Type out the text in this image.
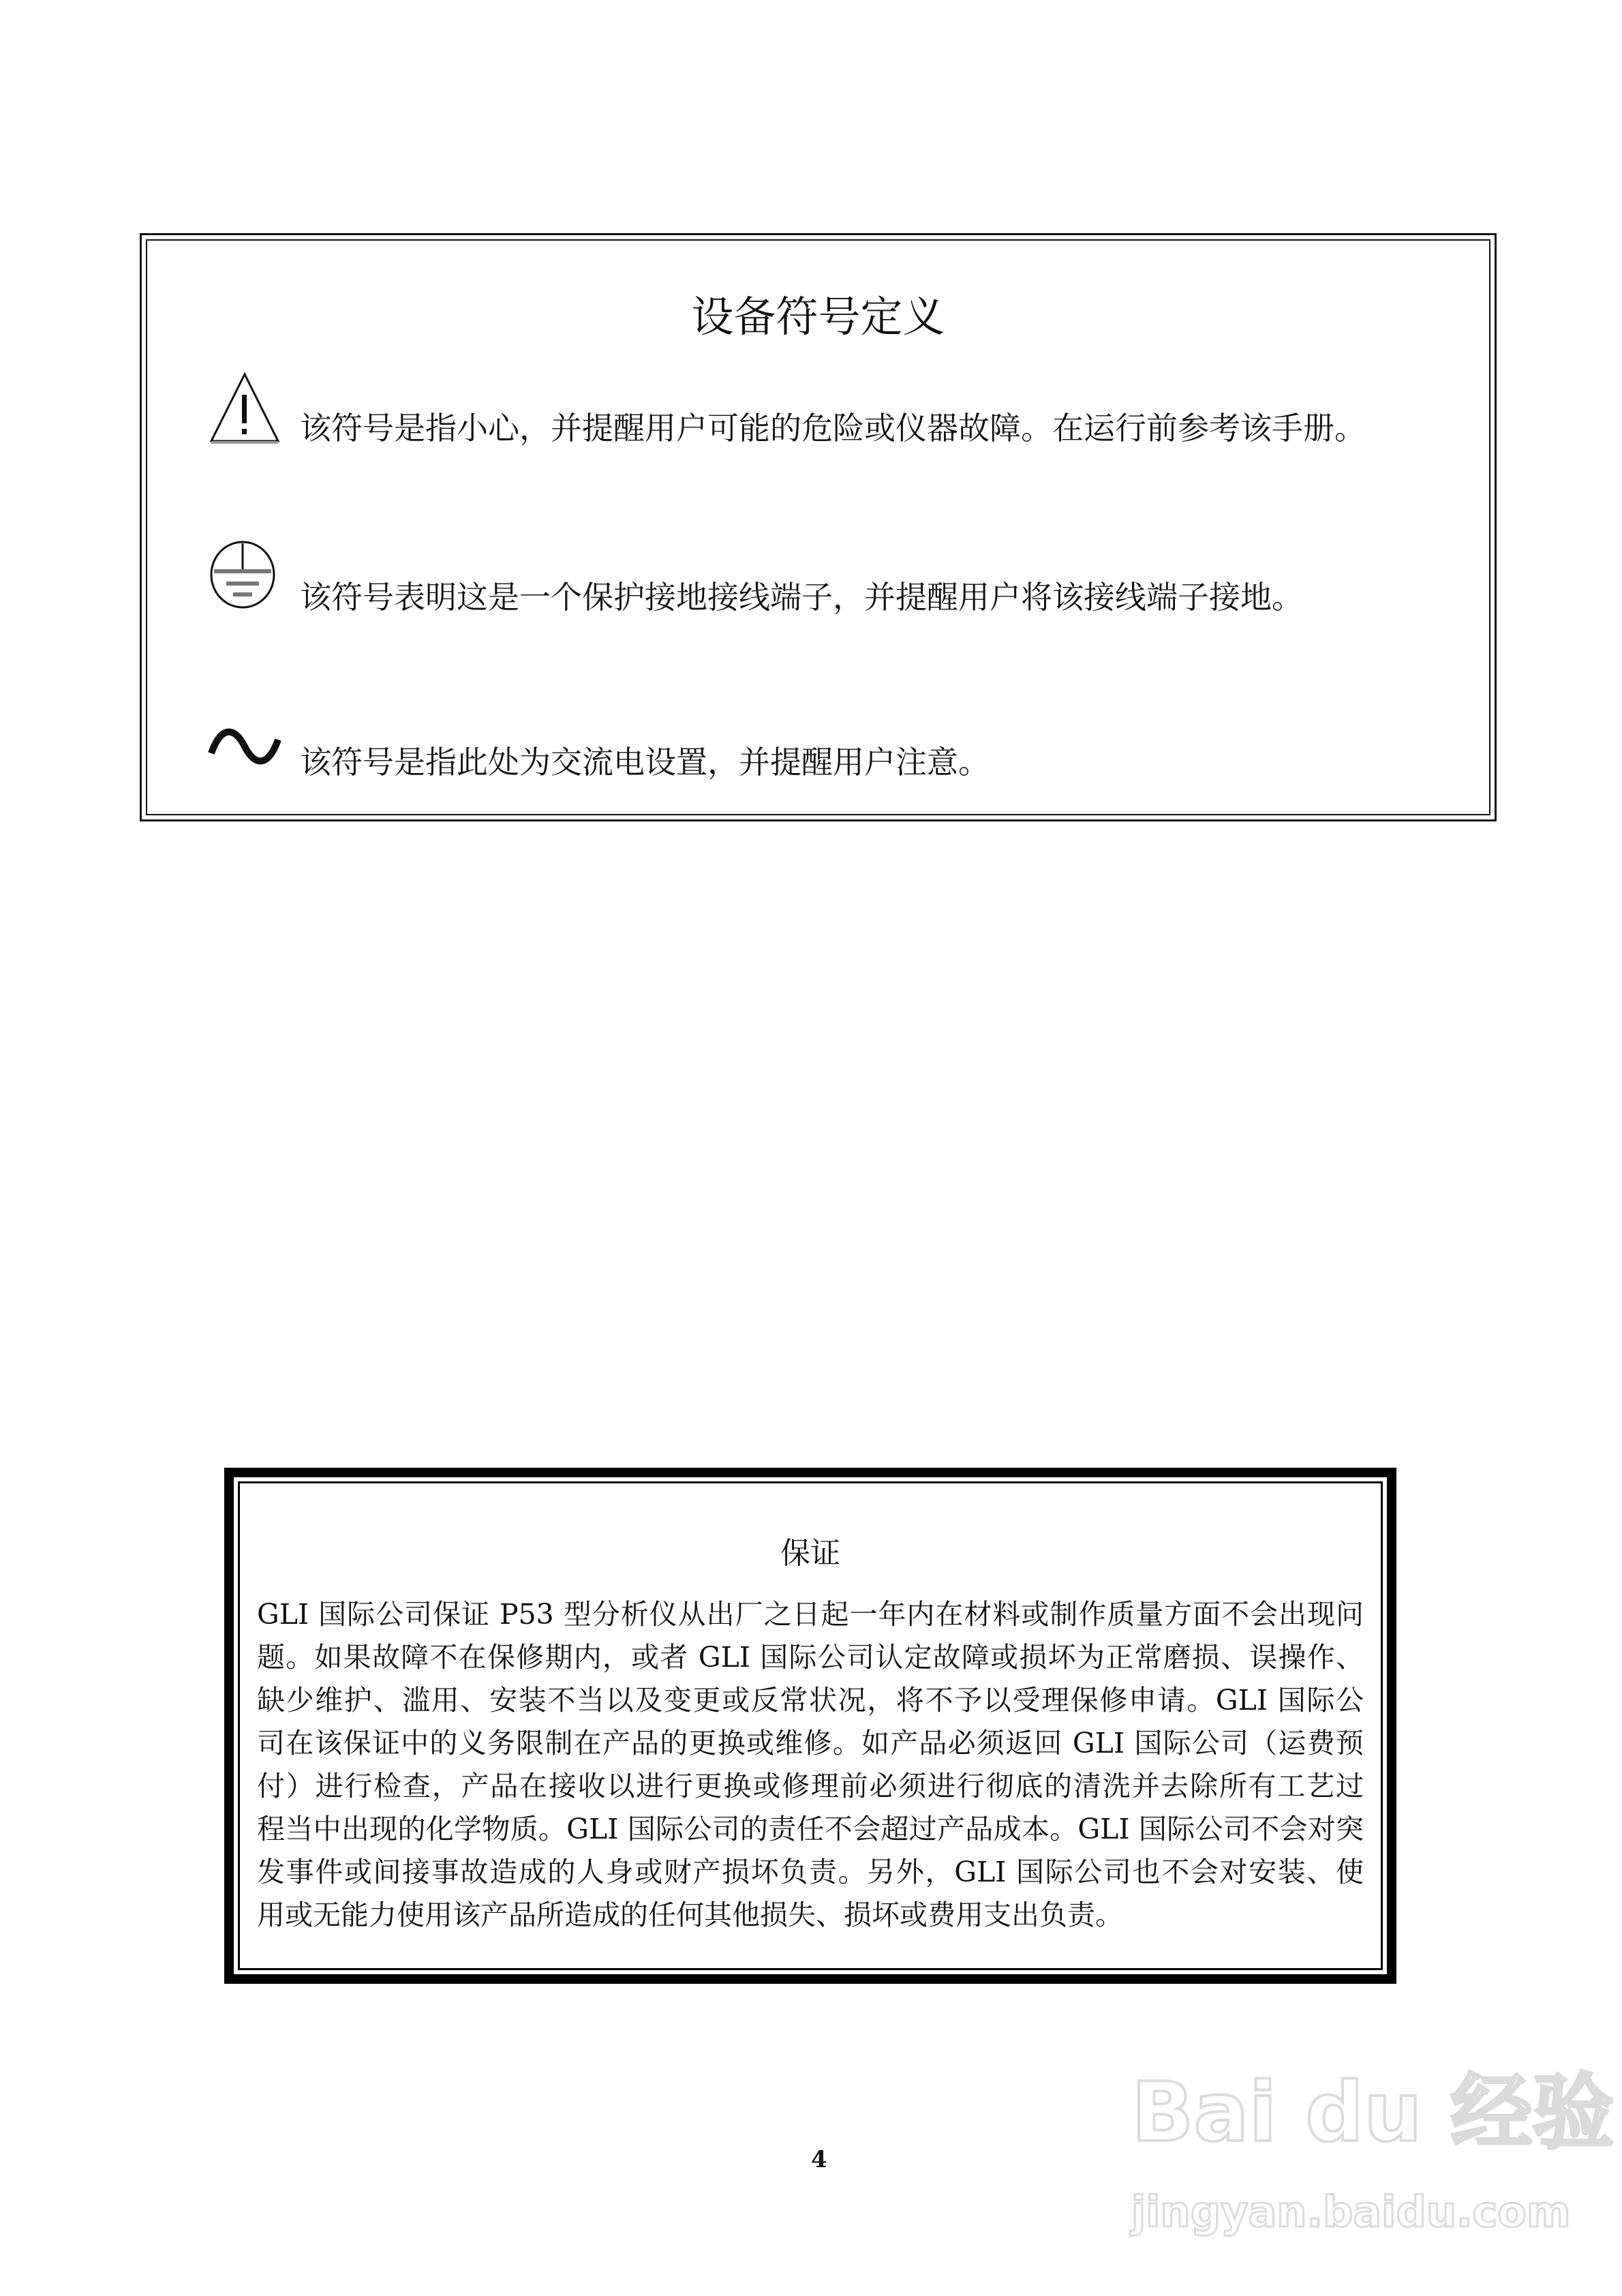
设备符号定义
该符号是指小心，并提醒用户可能的危险或仪器故障。在运行前参考该手册。
该符号表明这是一个保护接地接线端子，并提醒用户将该接线端子接地。
该符号是指此处为交流电设置，并提醒用户注意。
保证
GLI 国际公司保证 P53 型分析仪从出厂之日起一年内在材料或制作质量方面不会出现问
题。如果故障不在保修期内，或者 GLI 国际公司认定故障或损坏为正常磨损、误操作、
缺少维护、滥用、安装不当以及变更或反常状况，将不予以受理保修申请。GLI 国际公
司在该保证中的义务限制在产品的更换或维修。如产品必须返回 GLI 国际公司（运费预
付）进行检查，产品在接收以进行更换或修理前必须进行彻底的清洗并去除所有工艺过
程当中出现的化学物质。GLI 国际公司的责任不会超过产品成本。GLI 国际公司不会对突
发事件或间接事故造成的人身或财产损坏负责。另外，GLI 国际公司也不会对安装、使
用或无能力使用该产品所造成的任何其他损失、损坏或费用支出负责。
4	Bai du 经验
jingyan.baidu.com
